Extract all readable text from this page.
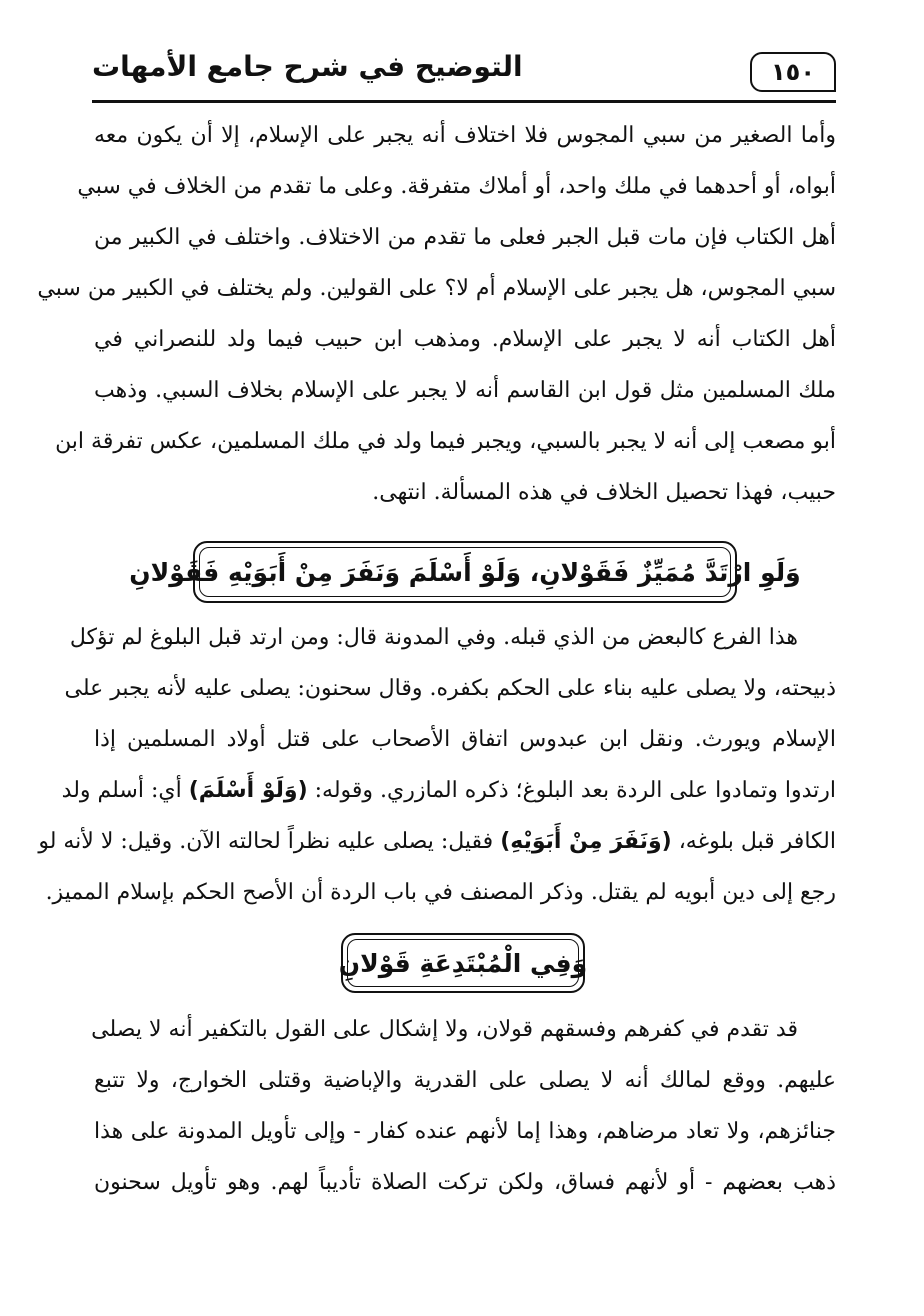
١٥٠
التوضيح في شرح جامع الأمهات
وأما الصغير من سبي المجوس فلا اختلاف أنه يجبر على الإسلام، إلا أن يكون معه
أبواه، أو أحدهما في ملك واحد، أو أملاك متفرقة. وعلى ما تقدم من الخلاف في سبي
أهل الكتاب فإن مات قبل الجبر فعلى ما تقدم من الاختلاف. واختلف في الكبير من
سبي المجوس، هل يجبر على الإسلام أم لا؟ على القولين. ولم يختلف في الكبير من سبي
أهل الكتاب أنه لا يجبر على الإسلام. ومذهب ابن حبيب فيما ولد للنصراني في
ملك المسلمين مثل قول ابن القاسم أنه لا يجبر على الإسلام بخلاف السبي. وذهب
أبو مصعب إلى أنه لا يجبر بالسبي، ويجبر فيما ولد في ملك المسلمين، عكس تفرقة ابن
حبيب، فهذا تحصيل الخلاف في هذه المسألة. انتهى.
وَلَوِ ارْتَدَّ مُمَيِّزٌ فَقَوْلانِ، وَلَوْ أَسْلَمَ وَنَفَرَ مِنْ أَبَوَيْهِ فَقَوْلانِ
هذا الفرع كالبعض من الذي قبله. وفي المدونة قال: ومن ارتد قبل البلوغ لم تؤكل
ذبيحته، ولا يصلى عليه بناء على الحكم بكفره. وقال سحنون: يصلى عليه لأنه يجبر على
الإسلام ويورث. ونقل ابن عبدوس اتفاق الأصحاب على قتل أولاد المسلمين إذا
ارتدوا وتمادوا على الردة بعد البلوغ؛ ذكره المازري. وقوله: (وَلَوْ أَسْلَمَ) أي: أسلم ولد
الكافر قبل بلوغه، (وَنَفَرَ مِنْ أَبَوَيْهِ) فقيل: يصلى عليه نظراً لحالته الآن. وقيل: لا لأنه لو
رجع إلى دين أبويه لم يقتل. وذكر المصنف في باب الردة أن الأصح الحكم بإسلام المميز.
وَفِي الْمُبْتَدِعَةِ قَوْلانِ
قد تقدم في كفرهم وفسقهم قولان، ولا إشكال على القول بالتكفير أنه لا يصلى
عليهم. ووقع لمالك أنه لا يصلى على القدرية والإباضية وقتلى الخوارج، ولا تتبع
جنائزهم، ولا تعاد مرضاهم، وهذا إما لأنهم عنده كفار - وإلى تأويل المدونة على هذا
ذهب بعضهم - أو لأنهم فساق، ولكن تركت الصلاة تأديباً لهم. وهو تأويل سحنون
